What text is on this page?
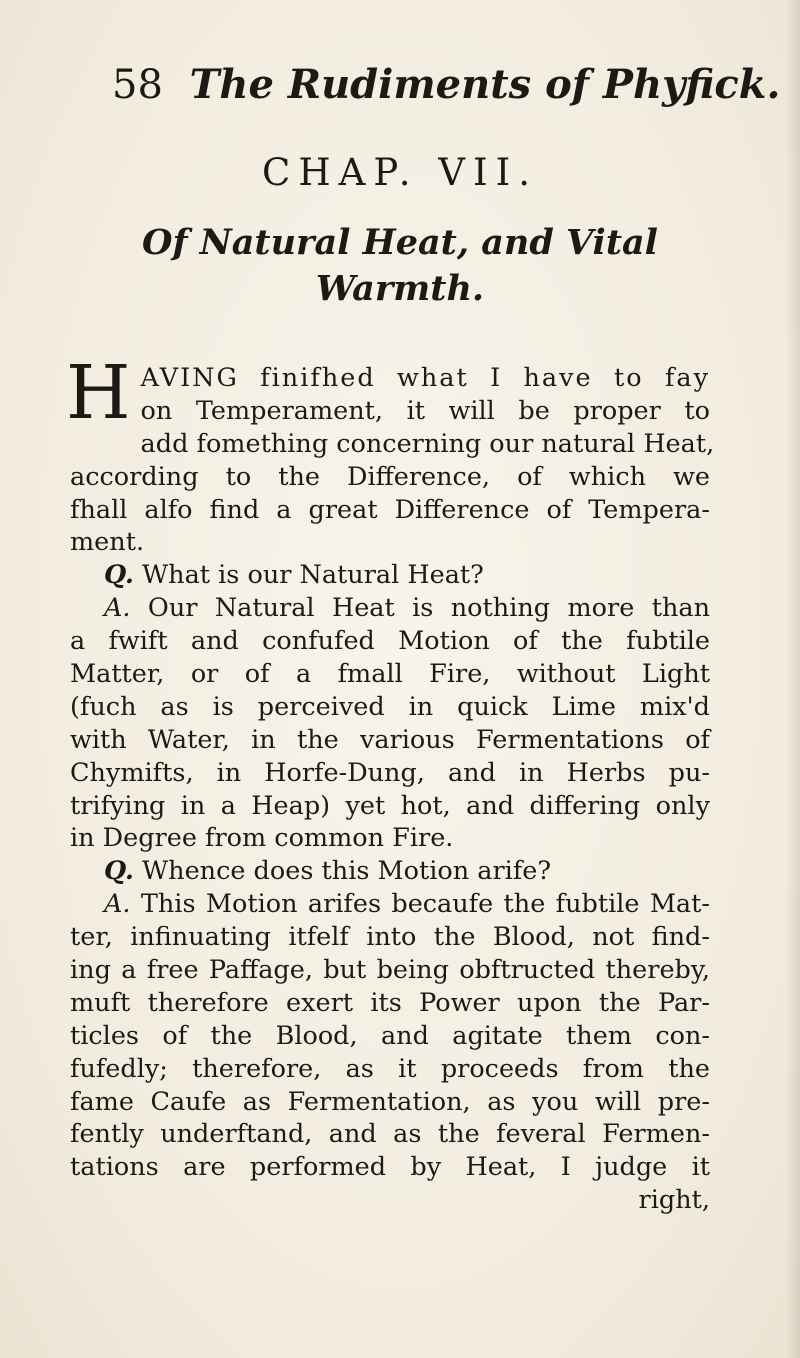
58 The Rudiments of Phyfick.
CHAP. VII.
Of Natural Heat, and Vital
Warmth.
H AVING finifhed what I have to fay
on Temperament, it will be proper to
add fomething concerning our natural Heat,
according to the Difference, of which we
fhall alfo find a great Difference of Tempera-
ment.
Q. What is our Natural Heat?
A. Our Natural Heat is nothing more than
a fwift and confufed Motion of the fubtile
Matter, or of a fmall Fire, without Light
(fuch as is perceived in quick Lime mix'd
with Water, in the various Fermentations of
Chymifts, in Horfe-Dung, and in Herbs pu-
trifying in a Heap) yet hot, and differing only
in Degree from common Fire.
Q. Whence does this Motion arife?
A. This Motion arifes becaufe the fubtile Mat-
ter, infinuating itfelf into the Blood, not find-
ing a free Paffage, but being obftructed thereby,
muft therefore exert its Power upon the Par-
ticles of the Blood, and agitate them con-
fufedly; therefore, as it proceeds from the
fame Caufe as Fermentation, as you will pre-
fently underftand, and as the feveral Fermen-
tations are performed by Heat, I judge it
right,
